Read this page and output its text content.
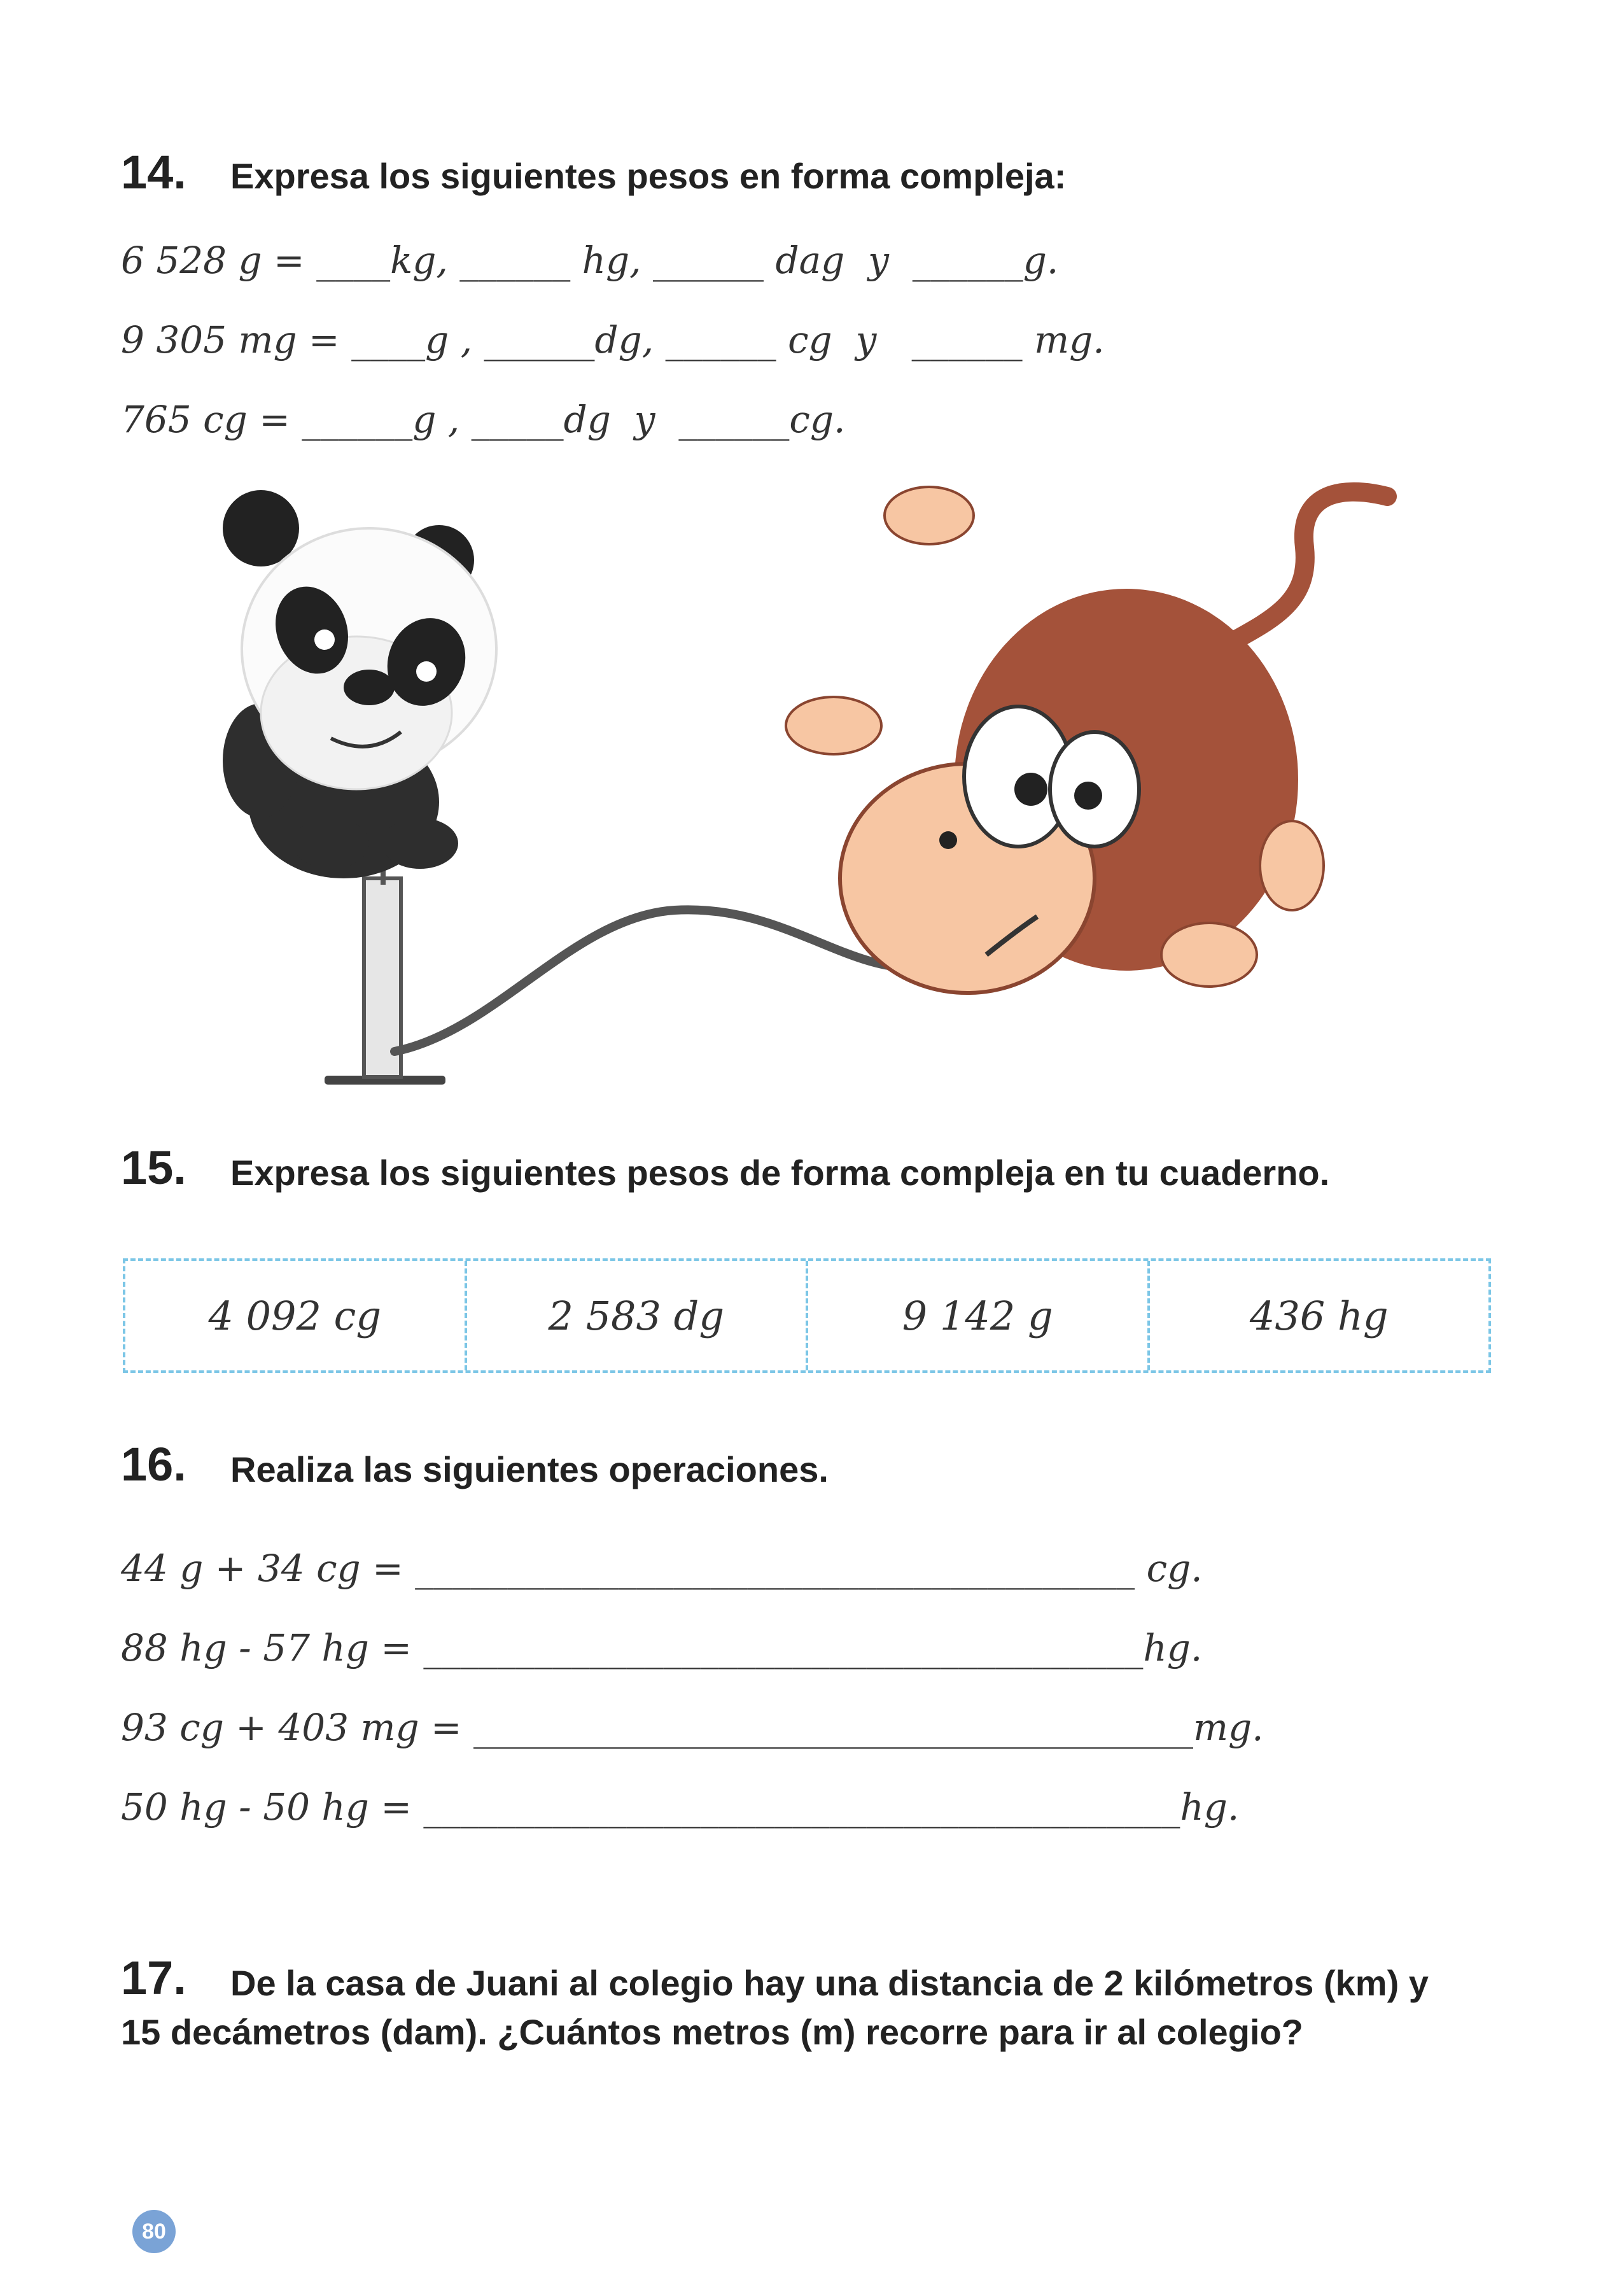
14. Expresa los siguientes pesos en forma compleja:
6 528 g = ____kg, ______ hg, ______ dag  y  ______g.
9 305 mg = ____g , ______dg, ______ cg  y   ______ mg.
765 cg = ______g , _____dg  y  ______cg.
15. Expresa los siguientes pesos de forma compleja en tu cuaderno.
4 092 cg	2 583 dg	9 142 g	436 hg
16. Realiza las siguientes operaciones.
44 g + 34 cg = _______________________________________ cg.
88 hg - 57 hg = _______________________________________hg.
93 cg + 403 mg = _______________________________________mg.
50 hg - 50 hg = _________________________________________hg.
17. De la casa de Juani al colegio hay una distancia de 2 kilómetros (km) y
15 decámetros (dam). ¿Cuántos metros (m) recorre para ir al colegio?
80
